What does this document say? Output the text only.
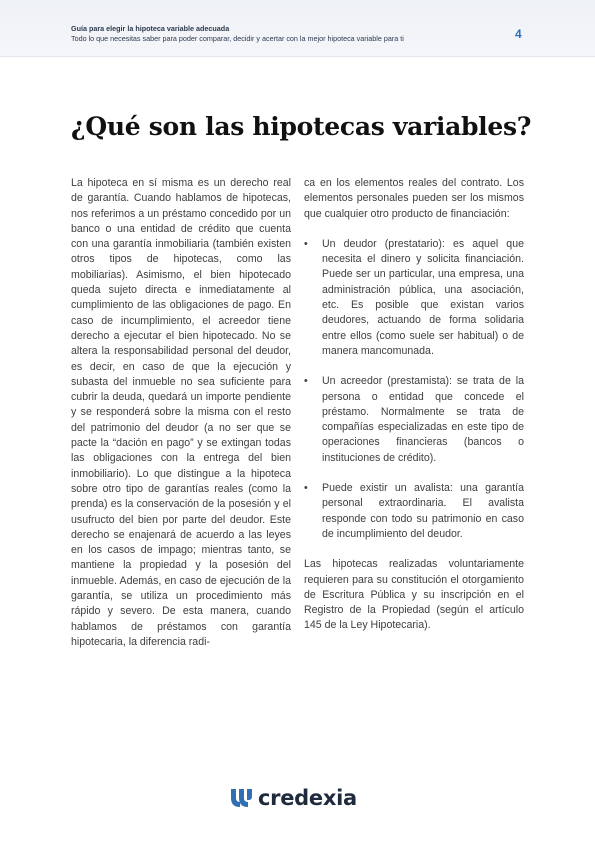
Guía para elegir la hipoteca variable adecuada
Todo lo que necesitas saber para poder comparar, decidir y acertar con la mejor hipoteca variable para ti	4
¿Qué son las hipotecas variables?

La hipoteca en sí misma es un derecho real de garantía. Cuando hablamos de hipotecas, nos referimos a un préstamo concedido por un banco o una entidad de crédito que cuenta con una garantía inmobiliaria (también existen otros tipos de hipotecas, como las mobiliarias). Asimismo, el bien hipotecado queda sujeto directa e inmediatamente al cumplimiento de las obligaciones de pago. En caso de incumplimiento, el acreedor tiene derecho a ejecutar el bien hipotecado. No se altera la responsabilidad personal del deudor, es decir, en caso de que la ejecución y subasta del inmueble no sea suficiente para cubrir la deuda, quedará un importe pendiente y se responderá sobre la misma con el resto del patrimonio del deudor (a no ser que se pacte la “dación en pago” y se extingan todas las obligaciones con la entrega del bien inmobiliario). Lo que distingue a la hipoteca sobre otro tipo de garantías reales (como la prenda) es la conservación de la posesión y el usufructo del bien por parte del deudor. Este derecho se enajenará de acuerdo a las leyes en los casos de impago; mientras tanto, se mantiene la propiedad y la posesión del inmueble. Además, en caso de ejecución de la garantía, se utiliza un procedimiento más rápido y severo. De esta manera, cuando hablamos de préstamos con garantía hipotecaria, la diferencia radi-

ca en los elementos reales del contrato. Los elementos personales pueden ser los mismos que cualquier otro producto de financiación:

• Un deudor (prestatario): es aquel que necesita el dinero y solicita financiación. Puede ser un particular, una empresa, una administración pública, una asociación, etc. Es posible que existan varios deudores, actuando de forma solidaria entre ellos (como suele ser habitual) o de manera mancomunada.
• Un acreedor (prestamista): se trata de la persona o entidad que concede el préstamo. Normalmente se trata de compañías especializadas en este tipo de operaciones financieras (bancos o instituciones de crédito).
• Puede existir un avalista: una garantía personal extraordinaria. El avalista responde con todo su patrimonio en caso de incumplimiento del deudor.

Las hipotecas realizadas voluntariamente requieren para su constitución el otorgamiento de Escritura Pública y su inscripción en el Registro de la Propiedad (según el artículo 145 de la Ley Hipotecaria).

credexia
